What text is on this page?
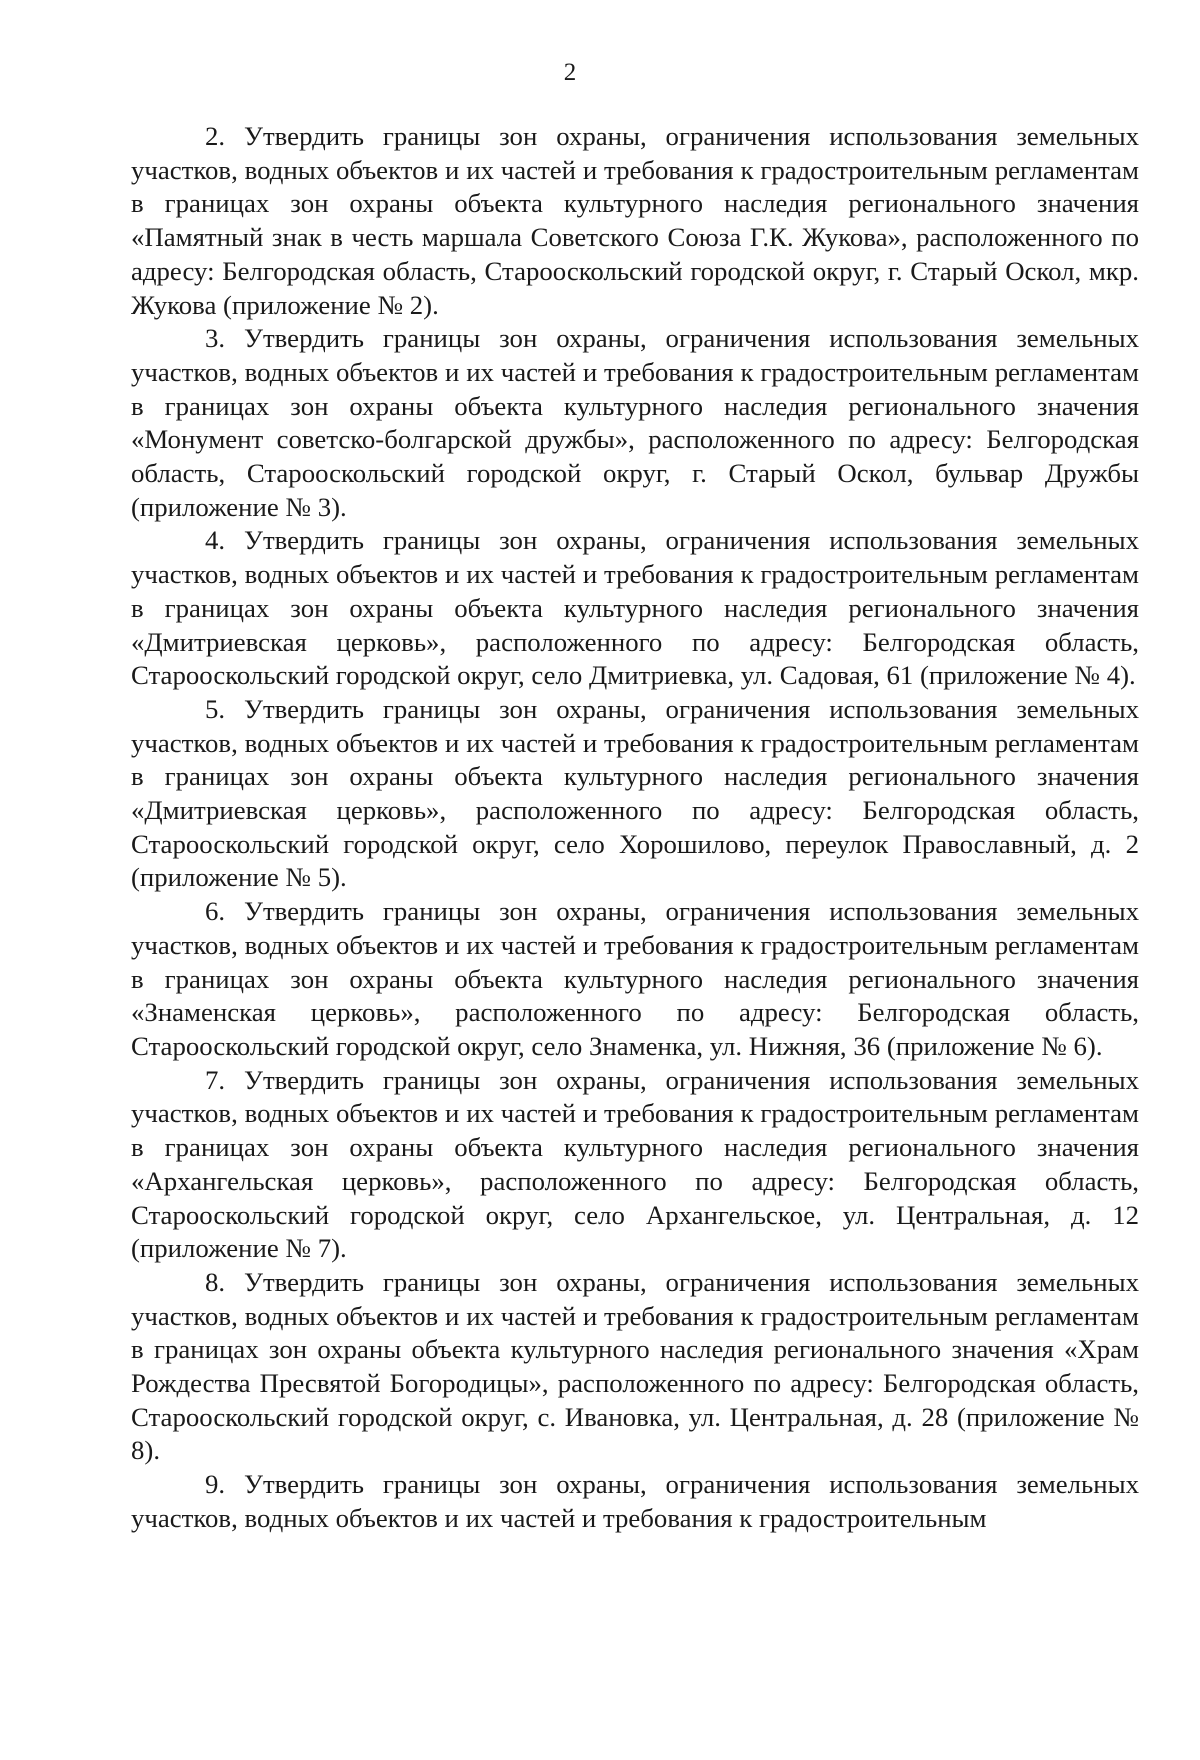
2

2. Утвердить границы зон охраны, ограничения использования земельных участков, водных объектов и их частей и требования к градостроительным регламентам в границах зон охраны объекта культурного наследия регионального значения «Памятный знак в честь маршала Советского Союза Г.К. Жукова», расположенного по адресу: Белгородская область, Старооскольский городской округ, г. Старый Оскол, мкр. Жукова (приложение № 2).

3. Утвердить границы зон охраны, ограничения использования земельных участков, водных объектов и их частей и требования к градостроительным регламентам в границах зон охраны объекта культурного наследия регионального значения «Монумент советско-болгарской дружбы», расположенного по адресу: Белгородская область, Старооскольский городской округ, г. Старый Оскол, бульвар Дружбы (приложение № 3).

4. Утвердить границы зон охраны, ограничения использования земельных участков, водных объектов и их частей и требования к градостроительным регламентам в границах зон охраны объекта культурного наследия регионального значения «Дмитриевская церковь», расположенного по адресу: Белгородская область, Старооскольский городской округ, село Дмитриевка, ул. Садовая, 61 (приложение № 4).

5. Утвердить границы зон охраны, ограничения использования земельных участков, водных объектов и их частей и требования к градостроительным регламентам в границах зон охраны объекта культурного наследия регионального значения «Дмитриевская церковь», расположенного по адресу: Белгородская область, Старооскольский городской округ, село Хорошилово, переулок Православный, д. 2 (приложение № 5).

6. Утвердить границы зон охраны, ограничения использования земельных участков, водных объектов и их частей и требования к градостроительным регламентам в границах зон охраны объекта культурного наследия регионального значения «Знаменская церковь», расположенного по адресу: Белгородская область, Старооскольский городской округ, село Знаменка, ул. Нижняя, 36 (приложение № 6).

7. Утвердить границы зон охраны, ограничения использования земельных участков, водных объектов и их частей и требования к градостроительным регламентам в границах зон охраны объекта культурного наследия регионального значения «Архангельская церковь», расположенного по адресу: Белгородская область, Старооскольский городской округ, село Архангельское, ул. Центральная, д. 12 (приложение № 7).

8. Утвердить границы зон охраны, ограничения использования земельных участков, водных объектов и их частей и требования к градостроительным регламентам в границах зон охраны объекта культурного наследия регионального значения «Храм Рождества Пресвятой Богородицы», расположенного по адресу: Белгородская область, Старооскольский городской округ, с. Ивановка, ул. Центральная, д. 28 (приложение № 8).

9. Утвердить границы зон охраны, ограничения использования земельных участков, водных объектов и их частей и требования к градостроительным
